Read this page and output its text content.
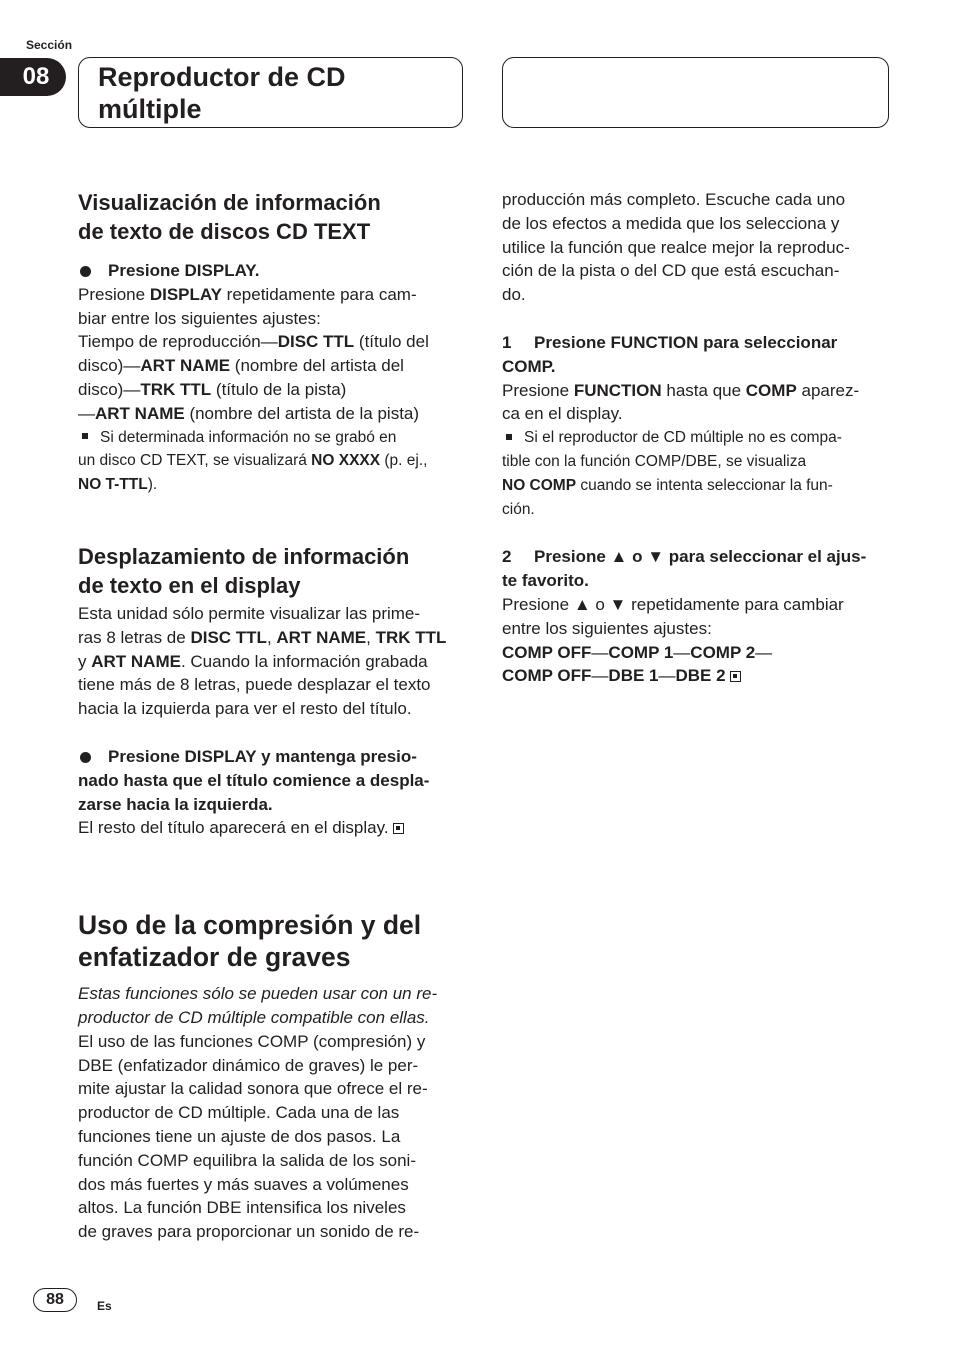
Sección
08	Reproductor de CD
múltiple
Visualización de información
de texto de discos CD TEXT

Presione DISPLAY.

Presione DISPLAY repetidamente para cam-
biar entre los siguientes ajustes:
Tiempo de reproducción—DISC TTL (título del
disco)—ART NAME (nombre del artista del
disco)—TRK TTL (título de la pista)
—ART NAME (nombre del artista de la pista)
Si determinada información no se grabó en
un disco CD TEXT, se visualizará NO XXXX (p. ej.,
NO T-TTL).
Desplazamiento de información
de texto en el display
Esta unidad sólo permite visualizar las prime-
ras 8 letras de DISC TTL, ART NAME, TRK TTL
y ART NAME. Cuando la información grabada
tiene más de 8 letras, puede desplazar el texto
hacia la izquierda para ver el resto del título.
Presione DISPLAY y mantenga presio-
nado hasta que el título comience a despla-
zarse hacia la izquierda.

El resto del título aparecerá en el display.

Uso de la compresión y del
enfatizador de graves
Estas funciones sólo se pueden usar con un re-
productor de CD múltiple compatible con ellas.
El uso de las funciones COMP (compresión) y
DBE (enfatizador dinámico de graves) le per-
mite ajustar la calidad sonora que ofrece el re-
productor de CD múltiple. Cada una de las
funciones tiene un ajuste de dos pasos. La
función COMP equilibra la salida de los soni-
dos más fuertes y más suaves a volúmenes
altos. La función DBE intensifica los niveles
de graves para proporcionar un sonido de re-
producción más completo. Escuche cada uno
de los efectos a medida que los selecciona y
utilice la función que realce mejor la reproduc-
ción de la pista o del CD que está escuchan-
do.
1 Presione FUNCTION para seleccionar
COMP.
Presione FUNCTION hasta que COMP aparez-
ca en el display.
Si el reproductor de CD múltiple no es compa-
tible con la función COMP/DBE, se visualiza
NO COMP cuando se intenta seleccionar la fun-
ción.
2 Presione ▲ o ▼ para seleccionar el ajus-
te favorito.
Presione ▲ o ▼ repetidamente para cambiar
entre los siguientes ajustes:
COMP OFF—COMP 1—COMP 2—
COMP OFF—DBE 1—DBE 2
88	Es
